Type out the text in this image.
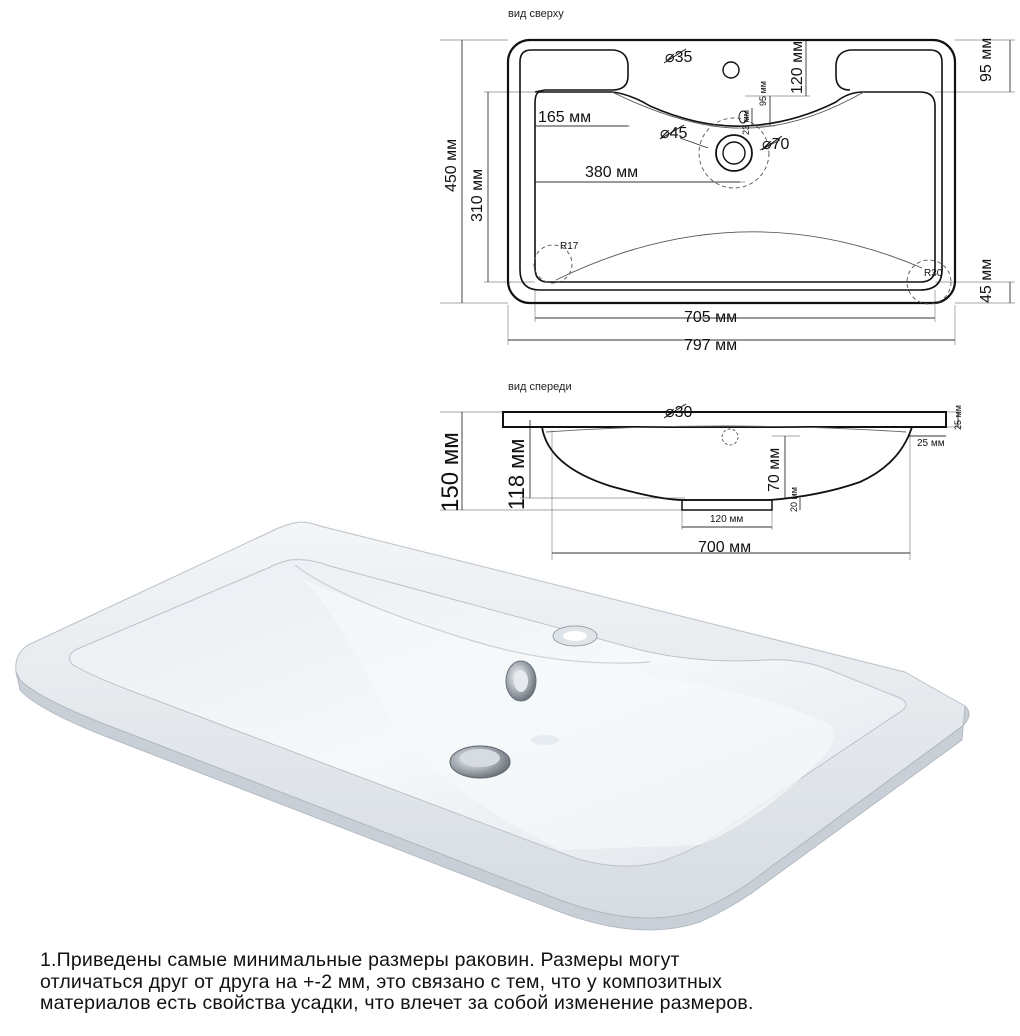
вид сверху
вид спереди
⌀35
⌀45
⌀70
165 мм
380 мм
705 мм
797 мм
450 мм
310 мм
120 мм
95 мм
23 мм
95 мм
45 мм
R17
R30
⌀30
150 мм 118 мм	70 мм
20 мм
25 мм
25 мм
120 мм
700 мм
1.Приведены самые минимальные размеры раковин. Размеры могут
отличаться друг от друга на +-2 мм, это связано с тем, что у композитных
материалов есть свойства усадки, что влечет за собой изменение размеров.
